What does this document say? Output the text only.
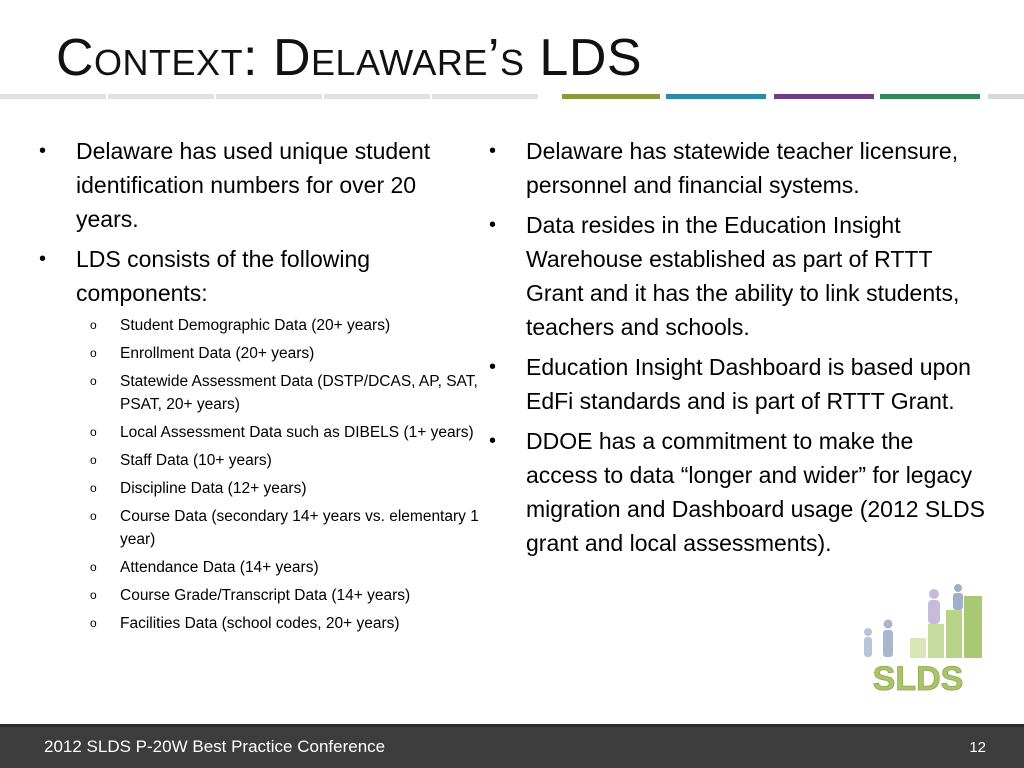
Context: Delaware’s LDS
• Delaware has used unique student identification numbers for over 20 years.
• LDS consists of the following components:
o Student Demographic Data (20+ years)
o Enrollment Data (20+ years)
o Statewide Assessment Data (DSTP/DCAS, AP, SAT, PSAT, 20+ years)
o Local Assessment Data such as DIBELS (1+ years)
o Staff Data (10+ years)
o Discipline Data (12+ years)
o Course Data (secondary 14+ years vs. elementary 1 year)
o Attendance Data (14+ years)
o Course Grade/Transcript Data (14+ years)
o Facilities Data (school codes, 20+ years)
• Delaware has statewide teacher licensure, personnel and financial systems.
• Data resides in the Education Insight Warehouse established as part of RTTT Grant and it has the ability to link students, teachers and schools.
• Education Insight Dashboard is based upon EdFi standards and is part of RTTT Grant.
• DDOE has a commitment to make the access to data “longer and wider” for legacy migration and Dashboard usage (2012 SLDS grant and local assessments).
SLDS
2012 SLDS P-20W Best Practice Conference	12
